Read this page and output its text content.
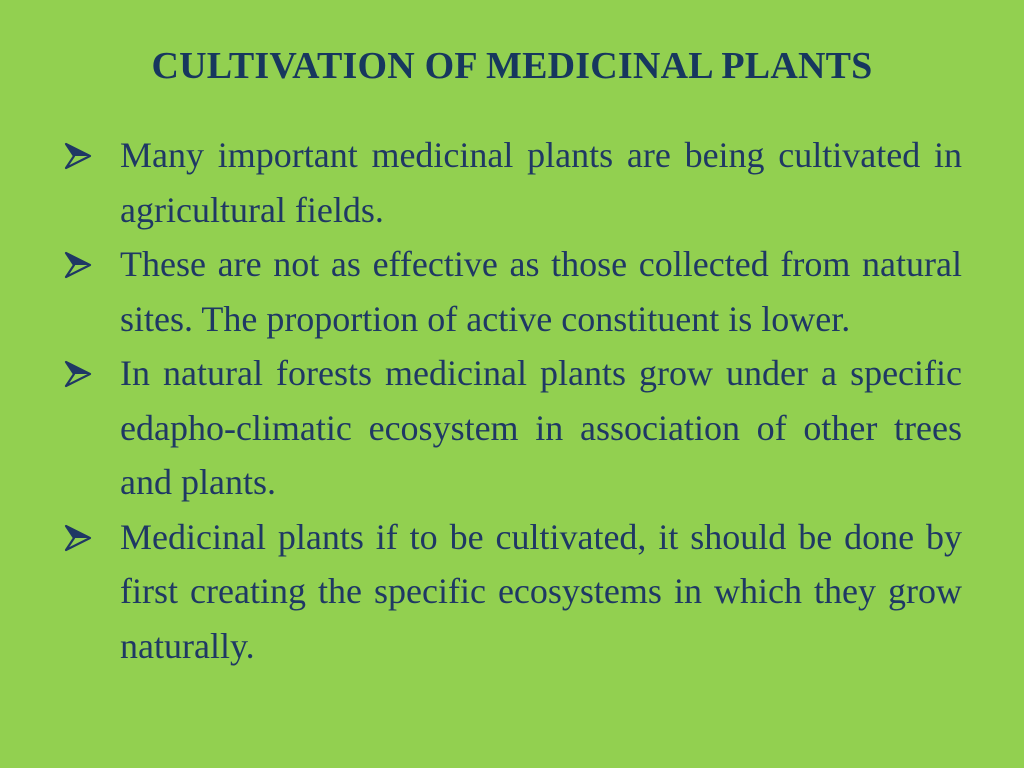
CULTIVATION OF MEDICINAL PLANTS
Many important medicinal plants are being cultivated in agricultural fields.
These are not as effective as those collected from natural sites. The proportion of active constituent is lower.
In natural forests medicinal plants grow under a specific edapho-climatic ecosystem in association of other trees and plants.
Medicinal plants if to be cultivated, it should be done by first creating the specific ecosystems in which they grow naturally.
